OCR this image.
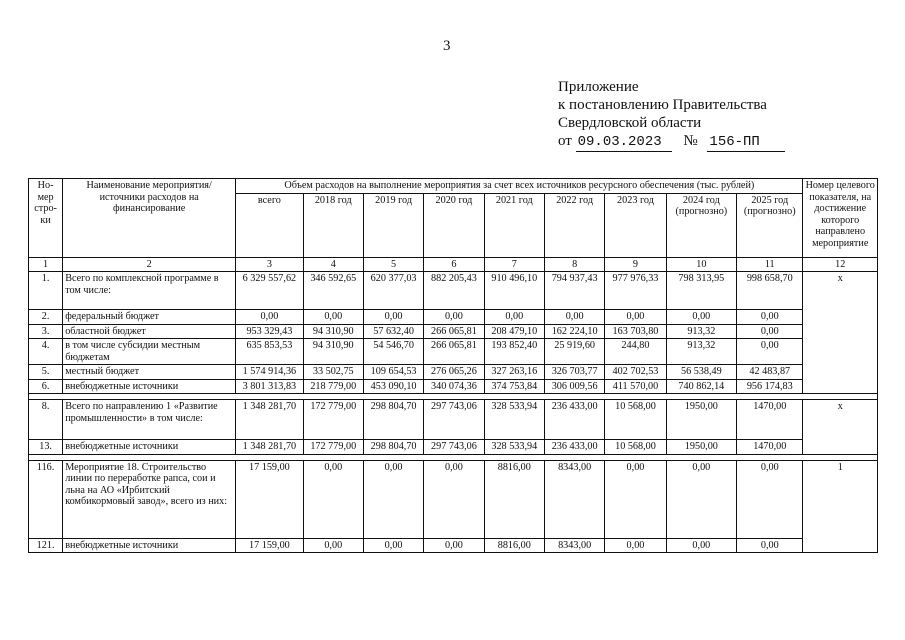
3
Приложение
к постановлению Правительства
Свердловской области
от 09.03.2023 № 156-ПП
Но-мер стро-ки	Наименование мероприятия/ источники расходов на финансирование	Объем расходов на выполнение мероприятия за счет всех источников ресурсного обеспечения (тыс. рублей)									Номер целевого показателя, на достижение которого направлено мероприятие
		всего	2018 год	2019 год	2020 год	2021 год	2022 год	2023 год	2024 год (прогнозно)	2025 год (прогнозно)	
1	2	3	4	5	6	7	8	9	10	11	12
1.	Всего по комплексной программе в том числе:	6 329 557,62	346 592,65	620 377,03	882 205,43	910 496,10	794 937,43	977 976,33	798 313,95	998 658,70	х
2.	федеральный бюджет	0,00	0,00	0,00	0,00	0,00	0,00	0,00	0,00	0,00	
3.	областной бюджет	953 329,43	94 310,90	57 632,40	266 065,81	208 479,10	162 224,10	163 703,80	913,32	0,00	
4.	в том числе субсидии местным бюджетам	635 853,53	94 310,90	54 546,70	266 065,81	193 852,40	25 919,60	244,80	913,32	0,00	
5.	местный бюджет	1 574 914,36	33 502,75	109 654,53	276 065,26	327 263,16	326 703,77	402 702,53	56 538,49	42 483,87	
6.	внебюджетные источники	3 801 313,83	218 779,00	453 090,10	340 074,36	374 753,84	306 009,56	411 570,00	740 862,14	956 174,83	

8.	Всего по направлению 1 «Развитие промышленности» в том числе:	1 348 281,70	172 779,00	298 804,70	297 743,06	328 533,94	236 433,00	10 568,00	1950,00	1470,00	х
13.	внебюджетные источники	1 348 281,70	172 779,00	298 804,70	297 743,06	328 533,94	236 433,00	10 568,00	1950,00	1470,00	

116.	Мероприятие 18. Строительство линии по переработке рапса, сои и льна на АО «Ирбитский комбикормовый завод», всего из них:	17 159,00	0,00	0,00	0,00	8816,00	8343,00	0,00	0,00	0,00	1
121.	внебюджетные источники	17 159,00	0,00	0,00	0,00	8816,00	8343,00	0,00	0,00	0,00	
